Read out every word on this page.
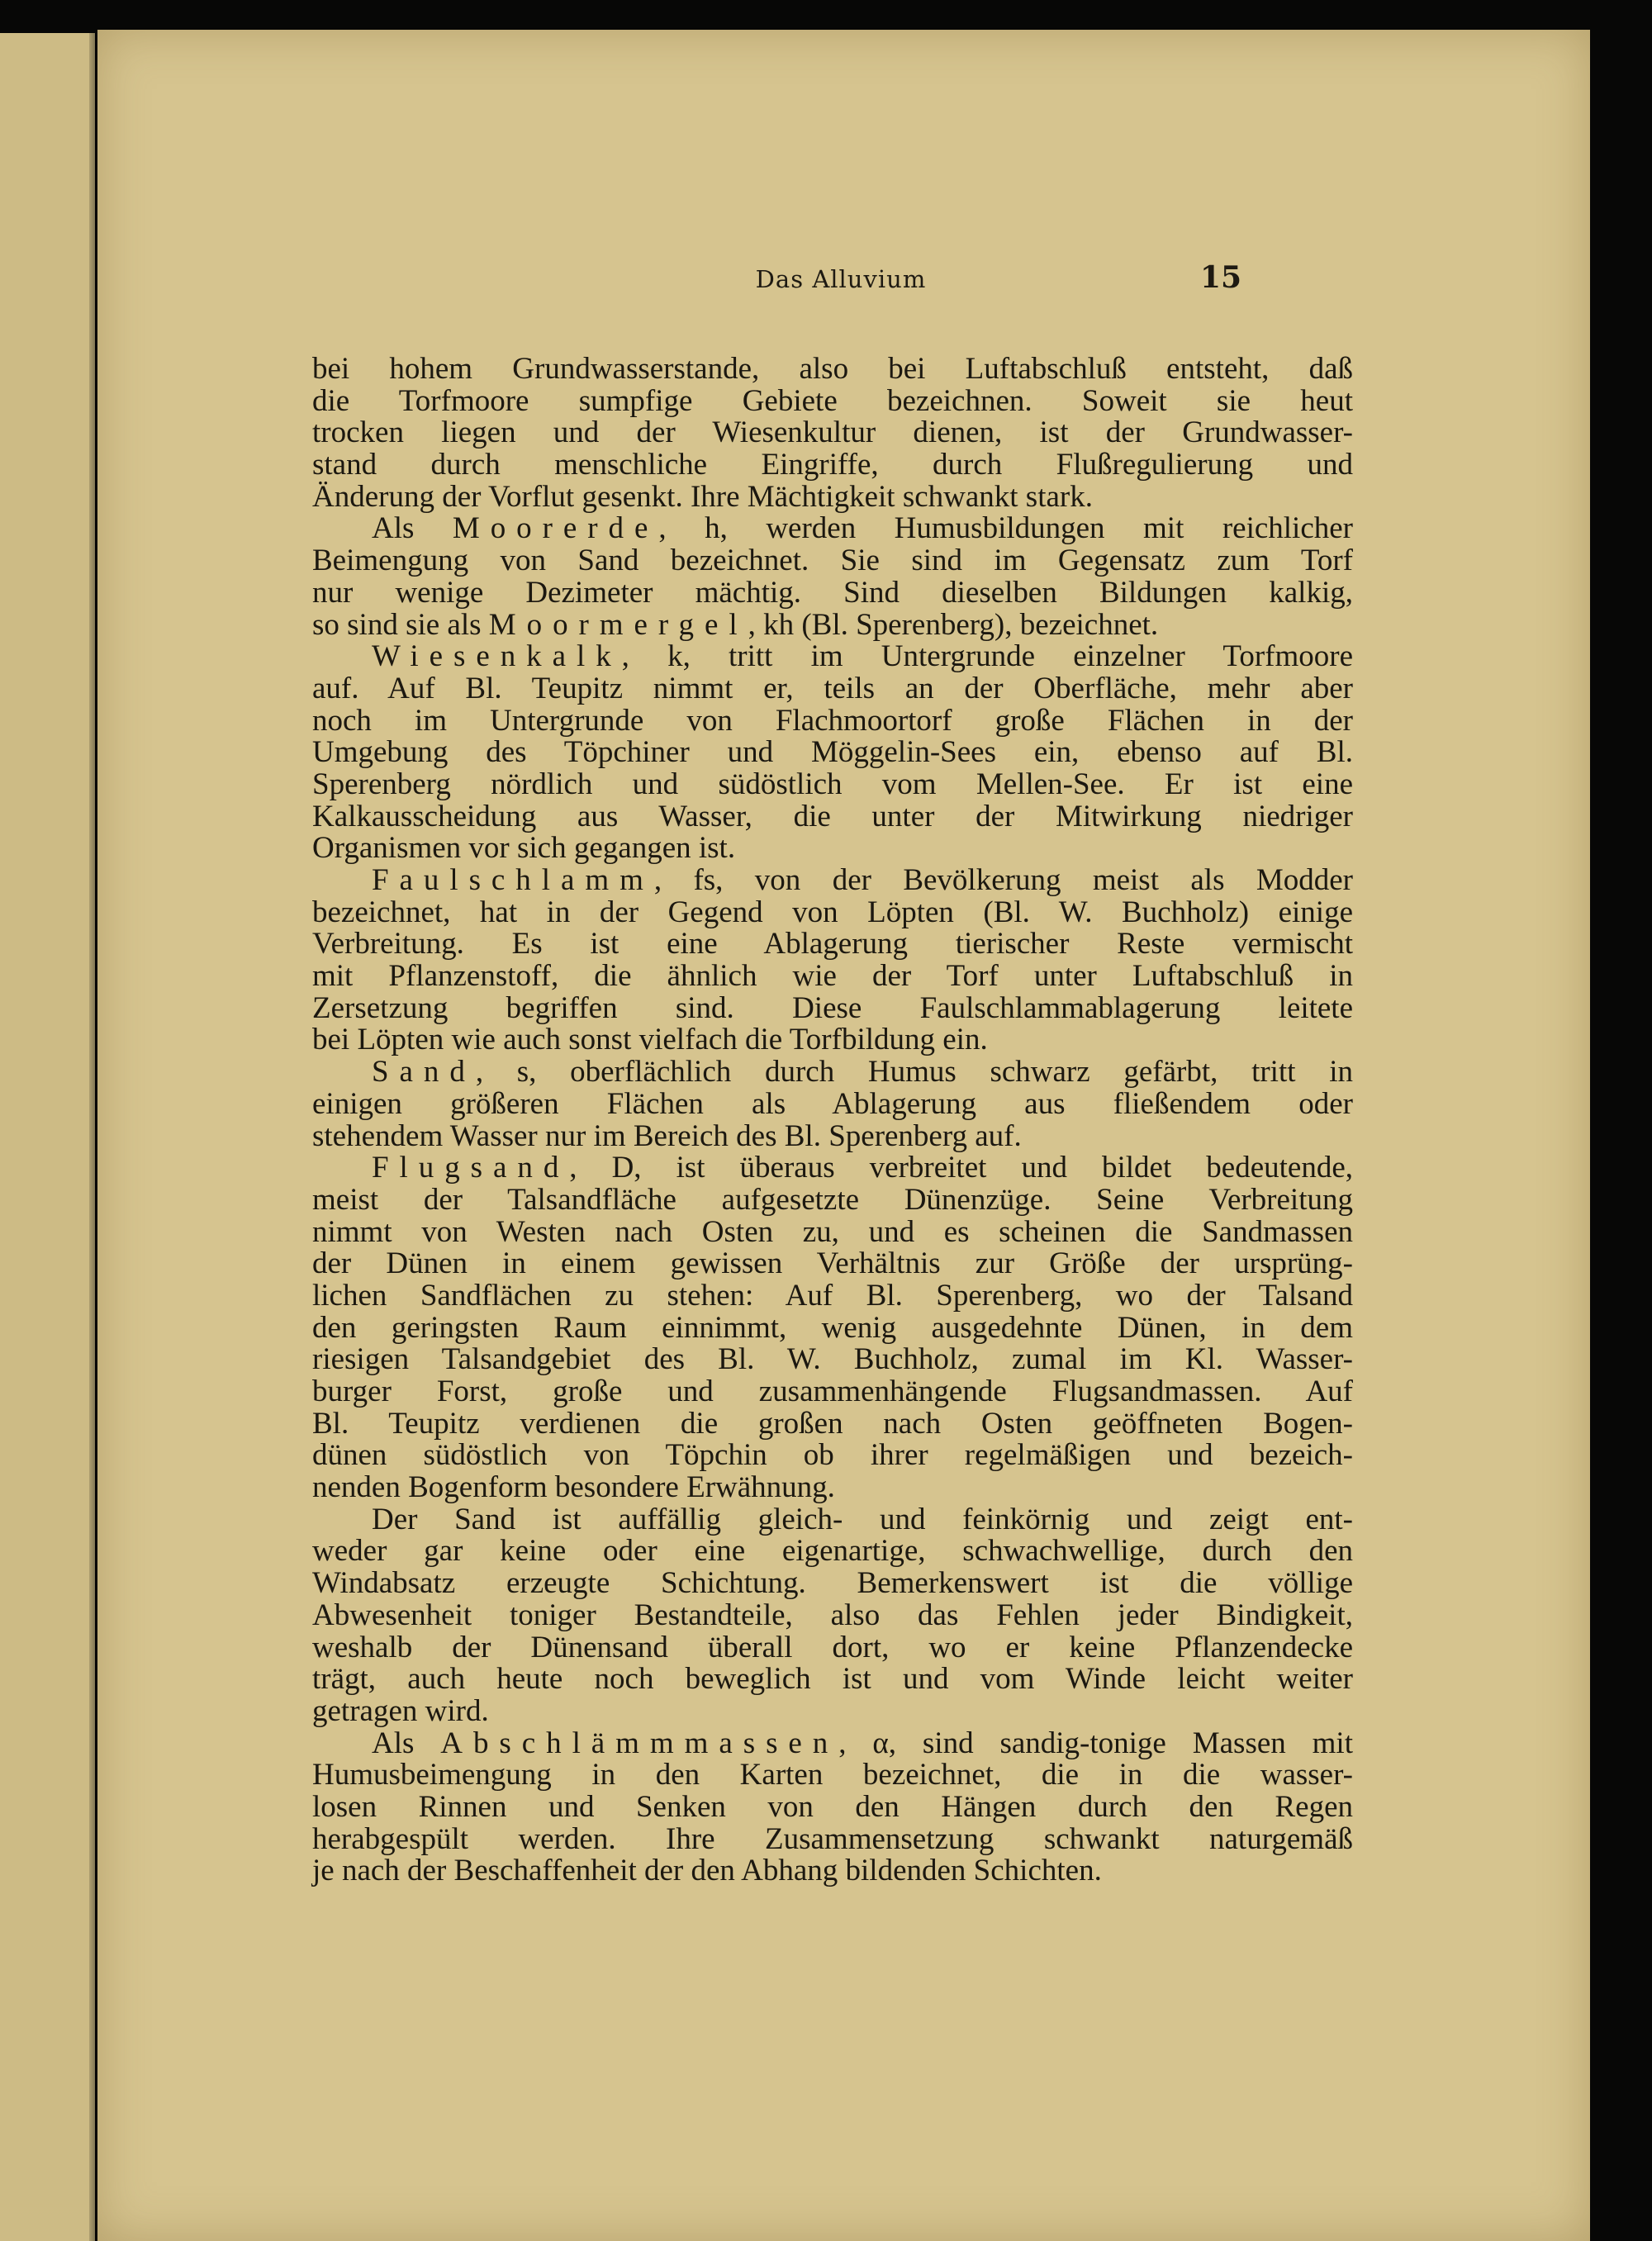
Das Alluvium	15
bei hohem Grundwasserstande, also bei Luftabschluß entsteht, daß
die Torfmoore sumpfige Gebiete bezeichnen. Soweit sie heut
trocken liegen und der Wiesenkultur dienen, ist der Grundwasser-
stand durch menschliche Eingriffe, durch Flußregulierung und
Änderung der Vorflut gesenkt. Ihre Mächtigkeit schwankt stark.
Als Moorerde, h, werden Humusbildungen mit reichlicher
Beimengung von Sand bezeichnet. Sie sind im Gegensatz zum Torf
nur wenige Dezimeter mächtig. Sind dieselben Bildungen kalkig,
so sind sie als Moormergel, kh (Bl. Sperenberg), bezeichnet.
Wiesenkalk, k, tritt im Untergrunde einzelner Torfmoore
auf. Auf Bl. Teupitz nimmt er, teils an der Oberfläche, mehr aber
noch im Untergrunde von Flachmoortorf große Flächen in der
Umgebung des Töpchiner und Möggelin-Sees ein, ebenso auf Bl.
Sperenberg nördlich und südöstlich vom Mellen-See. Er ist eine
Kalkausscheidung aus Wasser, die unter der Mitwirkung niedriger
Organismen vor sich gegangen ist.
Faulschlamm, fs, von der Bevölkerung meist als Modder
bezeichnet, hat in der Gegend von Löpten (Bl. W. Buchholz) einige
Verbreitung. Es ist eine Ablagerung tierischer Reste vermischt
mit Pflanzenstoff, die ähnlich wie der Torf unter Luftabschluß in
Zersetzung begriffen sind. Diese Faulschlammablagerung leitete
bei Löpten wie auch sonst vielfach die Torfbildung ein.
Sand, s, oberflächlich durch Humus schwarz gefärbt, tritt in
einigen größeren Flächen als Ablagerung aus fließendem oder
stehendem Wasser nur im Bereich des Bl. Sperenberg auf.
Flugsand, D, ist überaus verbreitet und bildet bedeutende,
meist der Talsandfläche aufgesetzte Dünenzüge. Seine Verbreitung
nimmt von Westen nach Osten zu, und es scheinen die Sandmassen
der Dünen in einem gewissen Verhältnis zur Größe der ursprüng-
lichen Sandflächen zu stehen: Auf Bl. Sperenberg, wo der Talsand
den geringsten Raum einnimmt, wenig ausgedehnte Dünen, in dem
riesigen Talsandgebiet des Bl. W. Buchholz, zumal im Kl. Wasser-
burger Forst, große und zusammenhängende Flugsandmassen. Auf
Bl. Teupitz verdienen die großen nach Osten geöffneten Bogen-
dünen südöstlich von Töpchin ob ihrer regelmäßigen und bezeich-
nenden Bogenform besondere Erwähnung.
Der Sand ist auffällig gleich- und feinkörnig und zeigt ent-
weder gar keine oder eine eigenartige, schwachwellige, durch den
Windabsatz erzeugte Schichtung. Bemerkenswert ist die völlige
Abwesenheit toniger Bestandteile, also das Fehlen jeder Bindigkeit,
weshalb der Dünensand überall dort, wo er keine Pflanzendecke
trägt, auch heute noch beweglich ist und vom Winde leicht weiter
getragen wird.
Als Abschlämmmassen, α, sind sandig-tonige Massen mit
Humusbeimengung in den Karten bezeichnet, die in die wasser-
losen Rinnen und Senken von den Hängen durch den Regen
herabgespült werden. Ihre Zusammensetzung schwankt naturgemäß
je nach der Beschaffenheit der den Abhang bildenden Schichten.
